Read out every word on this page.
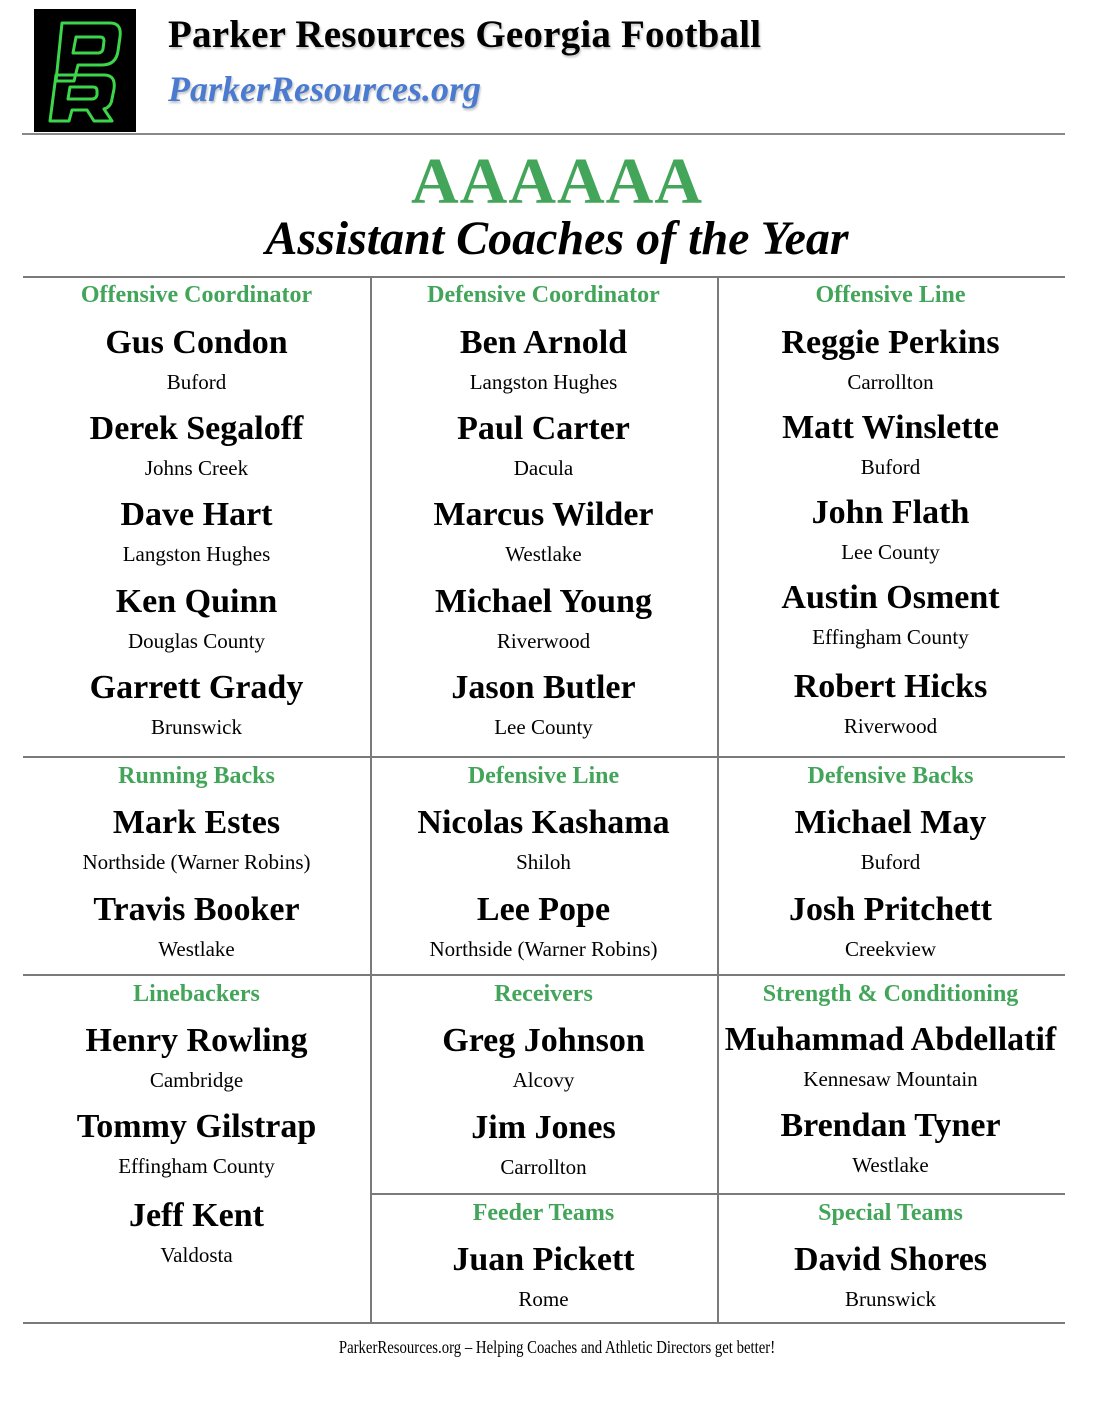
Parker Resources Georgia Football
ParkerResources.org
AAAAAA
Assistant Coaches of the Year
Offensive Coordinator
Gus Condon
Buford
Derek Segaloff
Johns Creek
Dave Hart
Langston Hughes
Ken Quinn
Douglas County
Garrett Grady
Brunswick
Defensive Coordinator
Ben Arnold
Langston Hughes
Paul Carter
Dacula
Marcus Wilder
Westlake
Michael Young
Riverwood
Jason Butler
Lee County
Offensive Line
Reggie Perkins
Carrollton
Matt Winslette
Buford
John Flath
Lee County
Austin Osment
Effingham County
Robert Hicks
Riverwood
Running Backs
Mark Estes
Northside (Warner Robins)
Travis Booker
Westlake
Defensive Line
Nicolas Kashama
Shiloh
Lee Pope
Northside (Warner Robins)
Defensive Backs
Michael May
Buford
Josh Pritchett
Creekview
Linebackers
Henry Rowling
Cambridge
Tommy Gilstrap
Effingham County
Jeff Kent
Valdosta
Receivers
Greg Johnson
Alcovy
Jim Jones
Carrollton
Strength & Conditioning
Muhammad Abdellatif
Kennesaw Mountain
Brendan Tyner
Westlake
Feeder Teams
Juan Pickett
Rome
Special Teams
David Shores
Brunswick
ParkerResources.org – Helping Coaches and Athletic Directors get better!
